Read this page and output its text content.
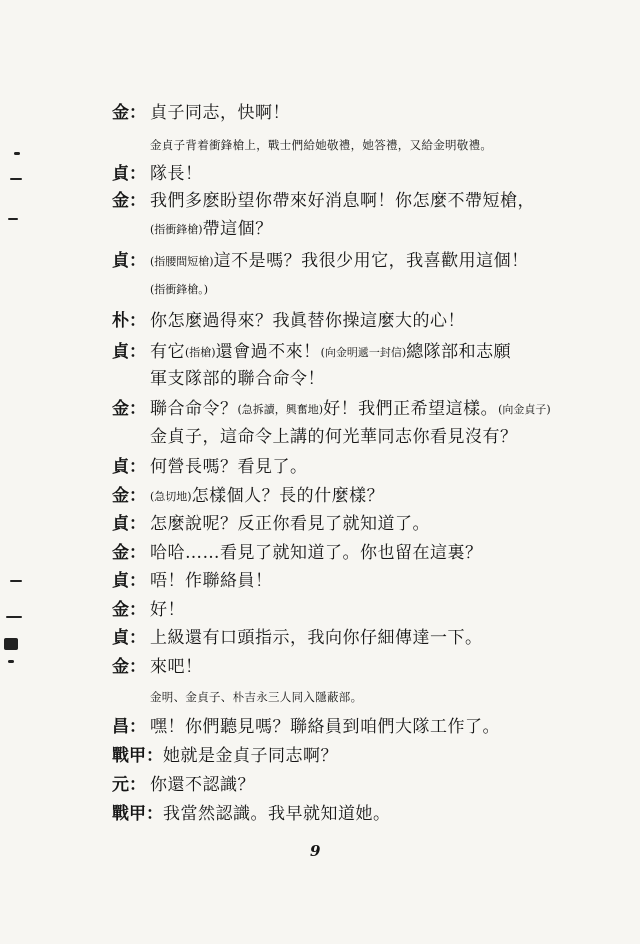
金： 貞子同志，快啊！
金貞子背着衝鋒槍上，戰士們給她敬禮，她答禮，又給金明敬禮。
貞： 隊長！
金： 我們多麽盼望你帶來好消息啊！你怎麼不帶短槍，
(指衝鋒槍)帶這個？
貞： (指腰間短槍)這不是嗎？我很少用它，我喜歡用這個！
(指衝鋒槍。)
朴： 你怎麼過得來？我眞替你操這麼大的心！
貞： 有它(指槍)還會過不來！(向金明遞一封信)總隊部和志願
軍支隊部的聯合命令！
金： 聯合命令？(急拆讀，興奮地)好！我們正希望這樣。(向金貞子)
金貞子，這命令上講的何光華同志你看見沒有？
貞： 何營長嗎？看見了。
金： (急切地)怎樣個人？長的什麼樣？
貞： 怎麼說呢？反正你看見了就知道了。
金： 哈哈……看見了就知道了。你也留在這裏？
貞： 唔！作聯絡員！
金： 好！
貞： 上級還有口頭指示，我向你仔細傳達一下。
金： 來吧！
金明、金貞子、朴吉永三人同入隱蔽部。
昌： 嘿！你們聽見嗎？聯絡員到咱們大隊工作了。
戰甲： 她就是金貞子同志啊？
元： 你還不認識？
戰甲： 我當然認識。我早就知道她。
9
